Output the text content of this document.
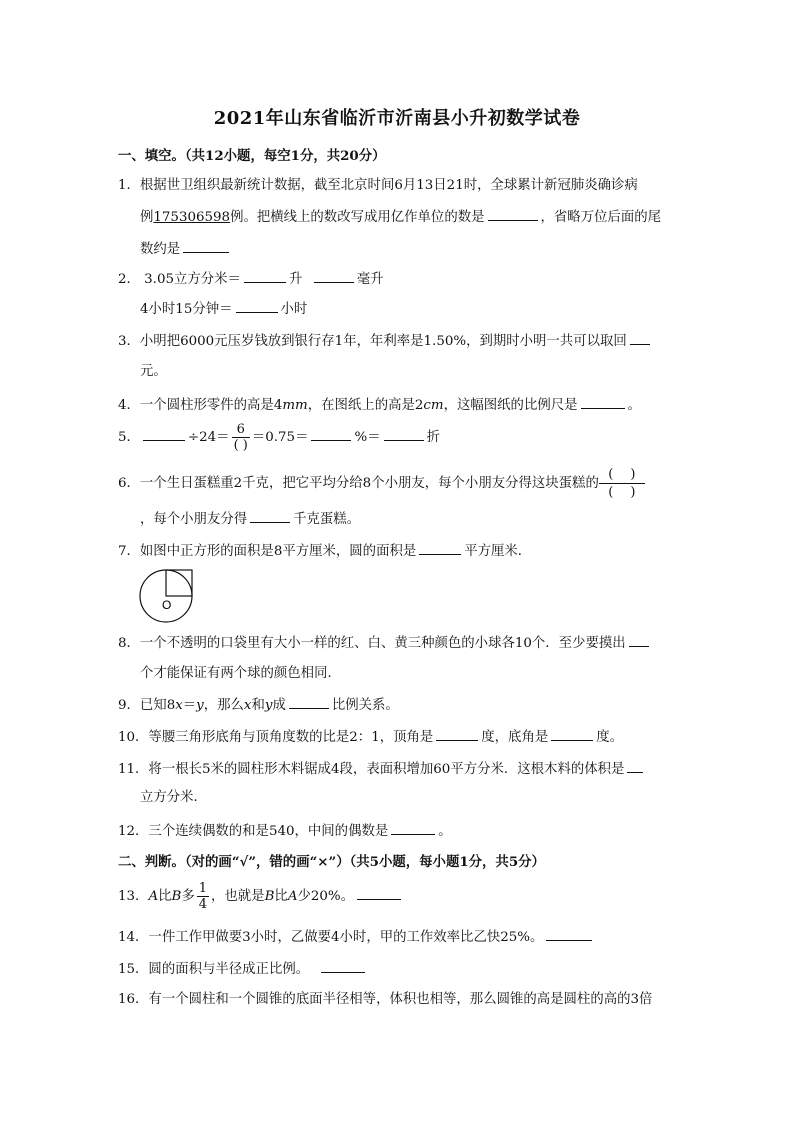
2021年山东省临沂市沂南县小升初数学试卷
一、填空。（共12小题，每空1分，共20分）
1．根据世卫组织最新统计数据，截至北京时间6月13日21时，全球累计新冠肺炎确诊病
例175306598例。把横线上的数改写成用亿作单位的数是	，省略万位后面的尾
数约是
2． 3.05立方分米＝	升	毫升
4小时15分钟＝	小时
3．小明把6000元压岁钱放到银行存1年，年利率是1.50%，到期时小明一共可以取回
元。
4．一个圆柱形零件的高是4mm，在图纸上的高是2cm，这幅图纸的比例尺是	。
5．	$\div 24= \frac{6}{( )} =0.75=$	%＝	折
6．一个生日蛋糕重2千克，把它平均分给8个小朋友，每个小朋友分得这块蛋糕的 $\frac{( )}{( )}$
，每个小朋友分得	千克蛋糕。
7．如图中正方形的面积是8平方厘米，圆的面积是	平方厘米．
O
8．一个不透明的口袋里有大小一样的红、白、黄三种颜色的小球各10个．至少要摸出
个才能保证有两个球的颜色相同．
9．已知8x＝y，那么x和y成	比例关系。
10．等腰三角形底角与顶角度数的比是2：1，顶角是	度，底角是	度。
11．将一根长5米的圆柱形木料锯成4段，表面积增加60平方分米．这根木料的体积是
立方分米．
12．三个连续偶数的和是540，中间的偶数是	。
二、判断。（对的画“√”，错的画“×”）（共5小题，每小题1分，共5分）
13．A比B多 $\frac{1}{4}$ ，也就是B比A少20%。
14．一件工作甲做要3小时，乙做要4小时，甲的工作效率比乙快25%。
15．圆的面积与半径成正比例。
16．有一个圆柱和一个圆锥的底面半径相等，体积也相等，那么圆锥的高是圆柱的高的3倍
